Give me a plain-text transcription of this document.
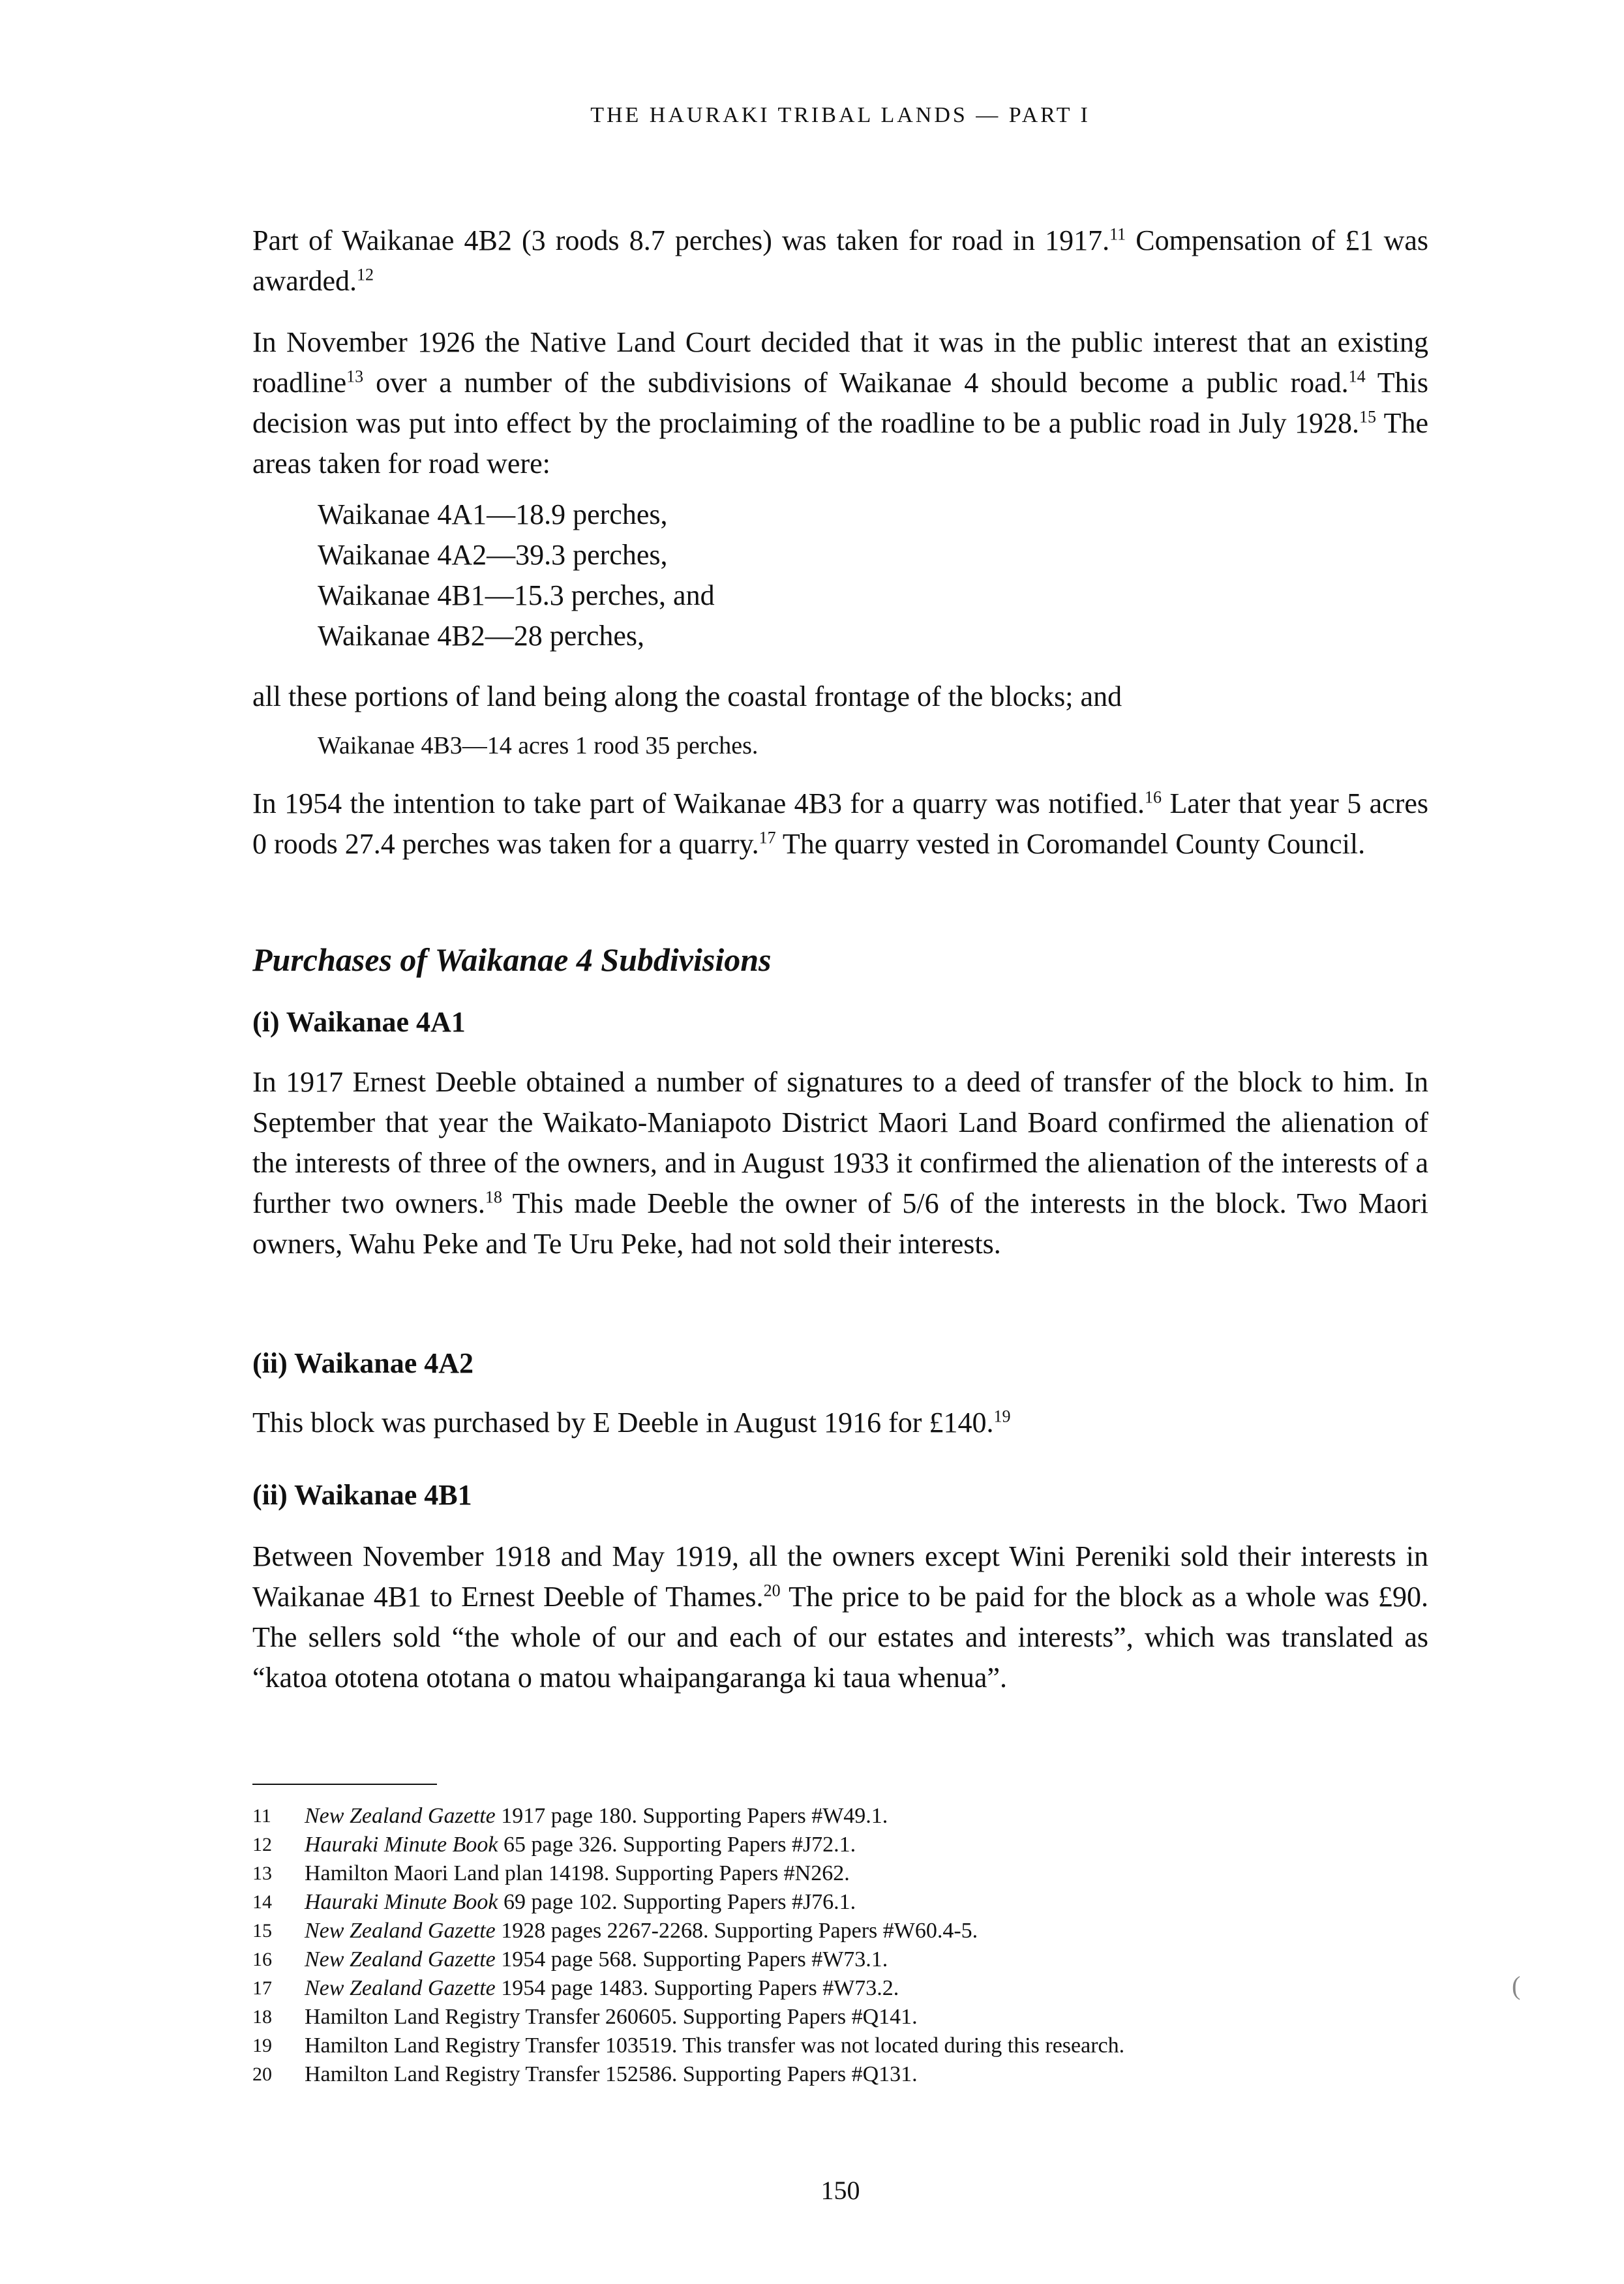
THE HAURAKI TRIBAL LANDS — PART I

Part of Waikanae 4B2 (3 roods 8.7 perches) was taken for road in 1917.11 Compensation of £1 was awarded.$^{12}$

In November 1926 the Native Land Court decided that it was in the public interest that an existing roadline$^{13}$ over a number of the subdivisions of Waikanae 4 should become a public road.$^{14}$ This decision was put into effect by the proclaiming of the roadline to be a public road in July 1928.15 The areas taken for road were:

Waikanae 4A1—18.9 perches,
Waikanae 4A2—39.3 perches,
Waikanae 4B1—15.3 perches, and
Waikanae 4B2—28 perches,

all these portions of land being along the coastal frontage of the blocks; and

Waikanae 4B3—14 acres 1 rood 35 perches.

In 1954 the intention to take part of Waikanae 4B3 for a quarry was notified.$^{16}$ Later that year 5 acres 0 roods 27.4 perches was taken for a quarry.$^{17}$ The quarry vested in Coromandel County Council.

Purchases of Waikanae 4 Subdivisions
(i) Waikanae 4A1

In 1917 Ernest Deeble obtained a number of signatures to a deed of transfer of the block to him. In September that year the Waikato-Maniapoto District Maori Land Board confirmed the alienation of the interests of three of the owners, and in August 1933 it confirmed the alienation of the interests of a further two owners.$^{18}$ This made Deeble the owner of 5/6 of the interests in the block. Two Maori owners, Wahu Peke and Te Uru Peke, had not sold their interests.

(ii) Waikanae 4A2

This block was purchased by E Deeble in August 1916 for £140.19

(ii) Waikanae 4B1

Between November 1918 and May 1919, all the owners except Wini Pereniki sold their interests in Waikanae 4B1 to Ernest Deeble of Thames.$^{20}$ The price to be paid for the block as a whole was £90. The sellers sold “the whole of our and each of our estates and interests”, which was translated as “katoa ototena ototana o matou whaipangaranga ki taua whenua”.

11	New Zealand Gazette 1917 page 180. Supporting Papers #W49.1.
12	Hauraki Minute Book 65 page 326. Supporting Papers #J72.1.
13	Hamilton Maori Land plan 14198. Supporting Papers #N262.
14	Hauraki Minute Book 69 page 102. Supporting Papers #J76.1.
15	New Zealand Gazette 1928 pages 2267-2268. Supporting Papers #W60.4-5.
16	New Zealand Gazette 1954 page 568. Supporting Papers #W73.1.
17	New Zealand Gazette 1954 page 1483. Supporting Papers #W73.2.
18	Hamilton Land Registry Transfer 260605. Supporting Papers #Q141.
19	Hamilton Land Registry Transfer 103519. This transfer was not located during this research.
20	Hamilton Land Registry Transfer 152586. Supporting Papers #Q131.
150
(
